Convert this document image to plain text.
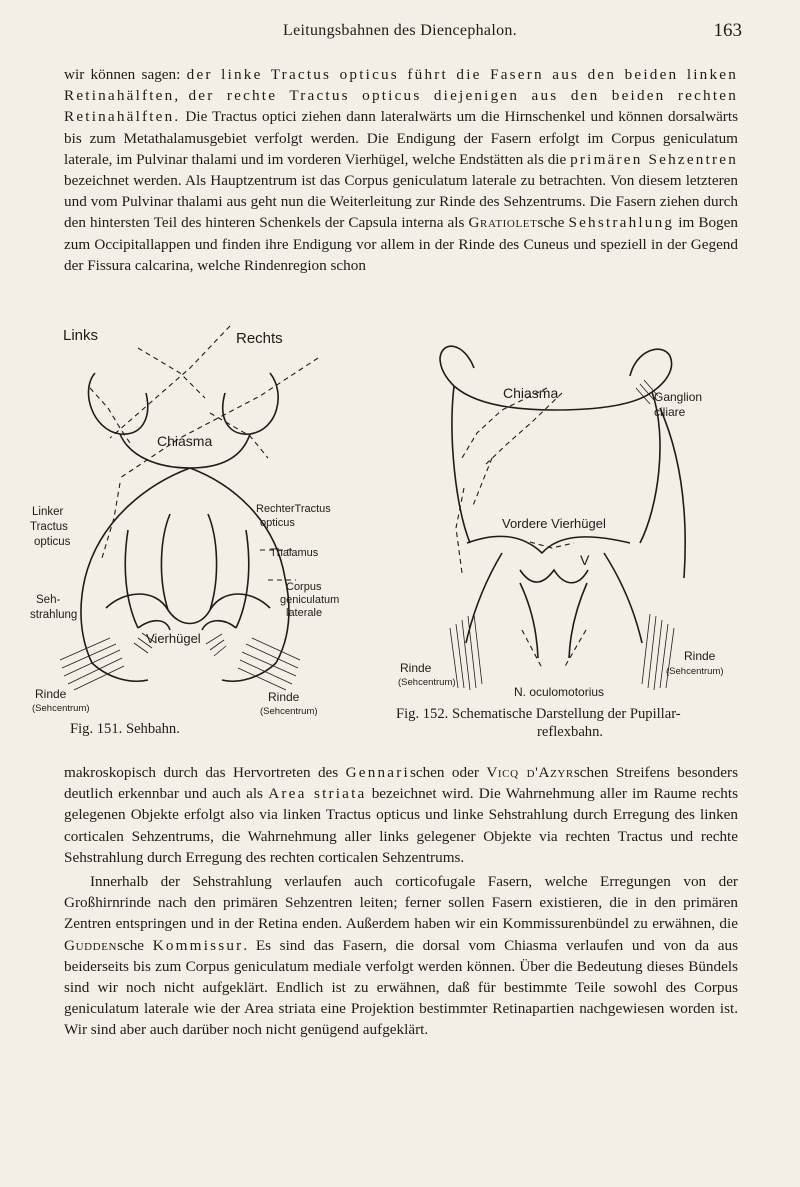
Leitungsbahnen des Diencephalon.	163

wir können sagen: der linke Tractus opticus führt die Fasern aus den beiden linken Retinahälften, der rechte Tractus opticus diejenigen aus den beiden rechten Retinahälften. Die Tractus optici ziehen dann lateralwärts um die Hirnschenkel und können dorsalwärts bis zum Metathalamusgebiet verfolgt werden. Die Endigung der Fasern erfolgt im Corpus geniculatum laterale, im Pulvinar thalami und im vorderen Vierhügel, welche Endstätten als die primären Sehzentren bezeichnet werden. Als Hauptzentrum ist das Corpus geniculatum laterale zu betrachten. Von diesem letzteren und vom Pulvinar thalami aus geht nun die Weiterleitung zur Rinde des Sehzentrums. Die Fasern ziehen durch den hintersten Teil des hinteren Schenkels der Capsula interna als Gratioletsche Sehstrahlung im Bogen zum Occipitallappen und finden ihre Endigung vor allem in der Rinde des Cuneus und speziell in der Gegend der Fissura calcarina, welche Rindenregion schon

Links	Rechts
Chiasma
Linker
Tractus
opticus
RechterTractus
opticus
Thalamus
Corpus
geniculatum
laterale
Seh-
strahlung
Vierhügel
Rinde
(Sehcentrum)
Rinde
(Sehcentrum)

Fig. 151. Sehbahn.

Chiasma	Ganglion
ciliare
Vordere Vierhügel
V
Rinde
(Sehcentrum)
Rinde
(Sehcentrum)
N. oculomotorius

Fig. 152. Schematische Darstellung der Pupillar-

reflexbahn.

makroskopisch durch das Hervortreten des Gennarischen oder Vicq d'Azyrschen Streifens besonders deutlich erkennbar und auch als Area striata bezeichnet wird. Die Wahrnehmung aller im Raume rechts gelegenen Objekte erfolgt also via linken Tractus opticus und linke Sehstrahlung durch Erregung des linken corticalen Sehzentrums, die Wahrnehmung aller links gelegener Objekte via rechten Tractus und rechte Sehstrahlung durch Erregung des rechten corticalen Sehzentrums.

Innerhalb der Sehstrahlung verlaufen auch corticofugale Fasern, welche Erregungen von der Großhirnrinde nach den primären Sehzentren leiten; ferner sollen Fasern existieren, die in den primären Zentren entspringen und in der Retina enden. Außerdem haben wir ein Kommissurenbündel zu erwähnen, die Guddensche Kommissur. Es sind das Fasern, die dorsal vom Chiasma verlaufen und von da aus beiderseits bis zum Corpus geniculatum mediale verfolgt werden können. Über die Bedeutung dieses Bündels sind wir noch nicht aufgeklärt. Endlich ist zu erwähnen, daß für bestimmte Teile sowohl des Corpus geniculatum laterale wie der Area striata eine Projektion bestimmter Retinapartien nachgewiesen worden ist. Wir sind aber auch darüber noch nicht genügend aufgeklärt.
